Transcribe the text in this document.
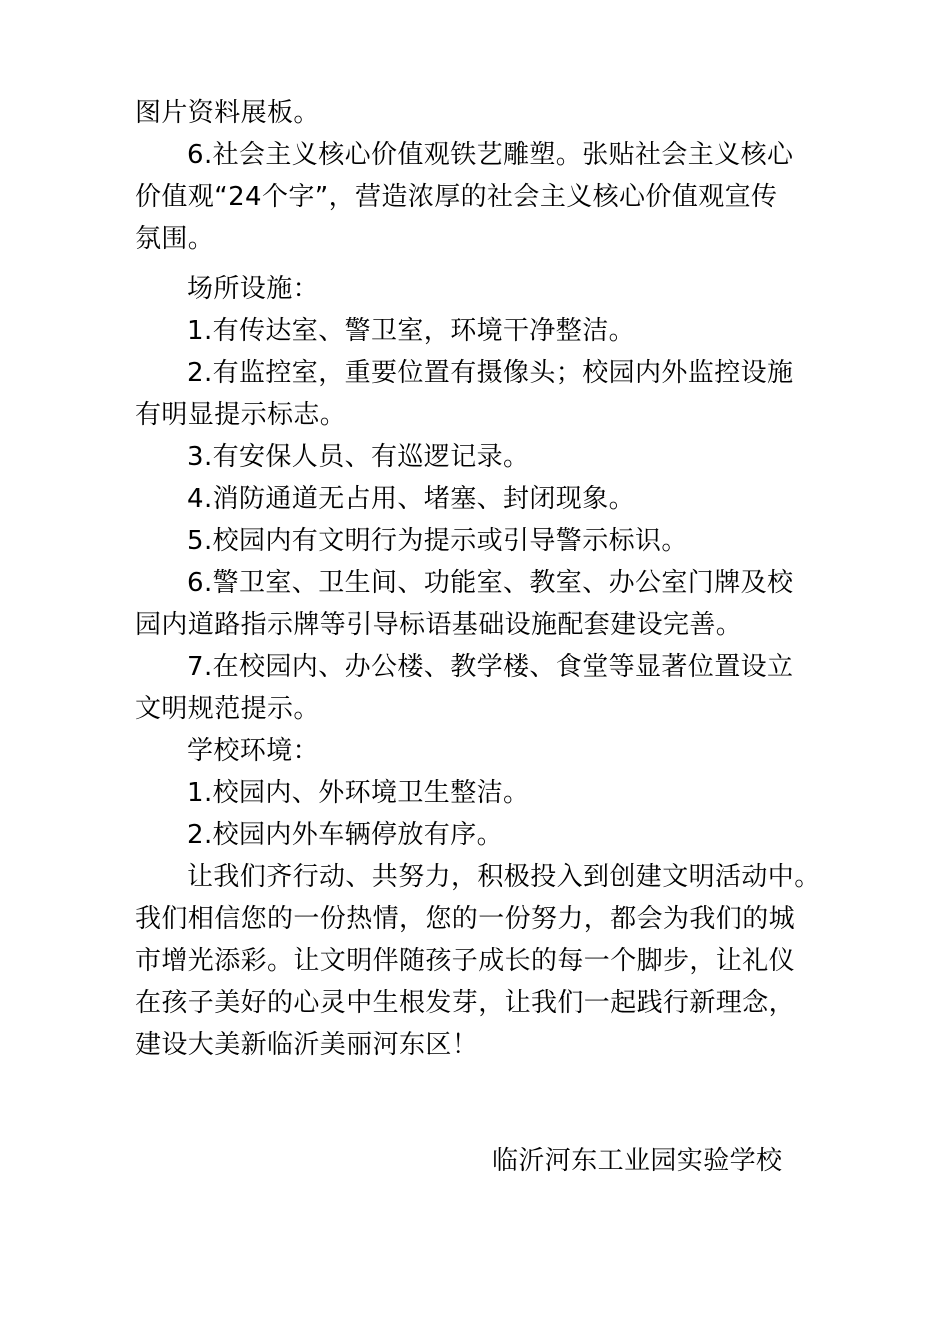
图片资料展板。
6.社会主义核心价值观铁艺雕塑。张贴社会主义核心
价值观“24个字”，营造浓厚的社会主义核心价值观宣传
氛围。
场所设施：
1.有传达室、警卫室，环境干净整洁。
2.有监控室，重要位置有摄像头；校园内外监控设施
有明显提示标志。
3.有安保人员、有巡逻记录。
4.消防通道无占用、堵塞、封闭现象。
5.校园内有文明行为提示或引导警示标识。
6.警卫室、卫生间、功能室、教室、办公室门牌及校
园内道路指示牌等引导标语基础设施配套建设完善。
7.在校园内、办公楼、教学楼、食堂等显著位置设立
文明规范提示。
学校环境：
1.校园内、外环境卫生整洁。
2.校园内外车辆停放有序。
让我们齐行动、共努力，积极投入到创建文明活动中。
我们相信您的一份热情，您的一份努力，都会为我们的城
市增光添彩。让文明伴随孩子成长的每一个脚步，让礼仪
在孩子美好的心灵中生根发芽，让我们一起践行新理念，
建设大美新临沂美丽河东区！
临沂河东工业园实验学校
